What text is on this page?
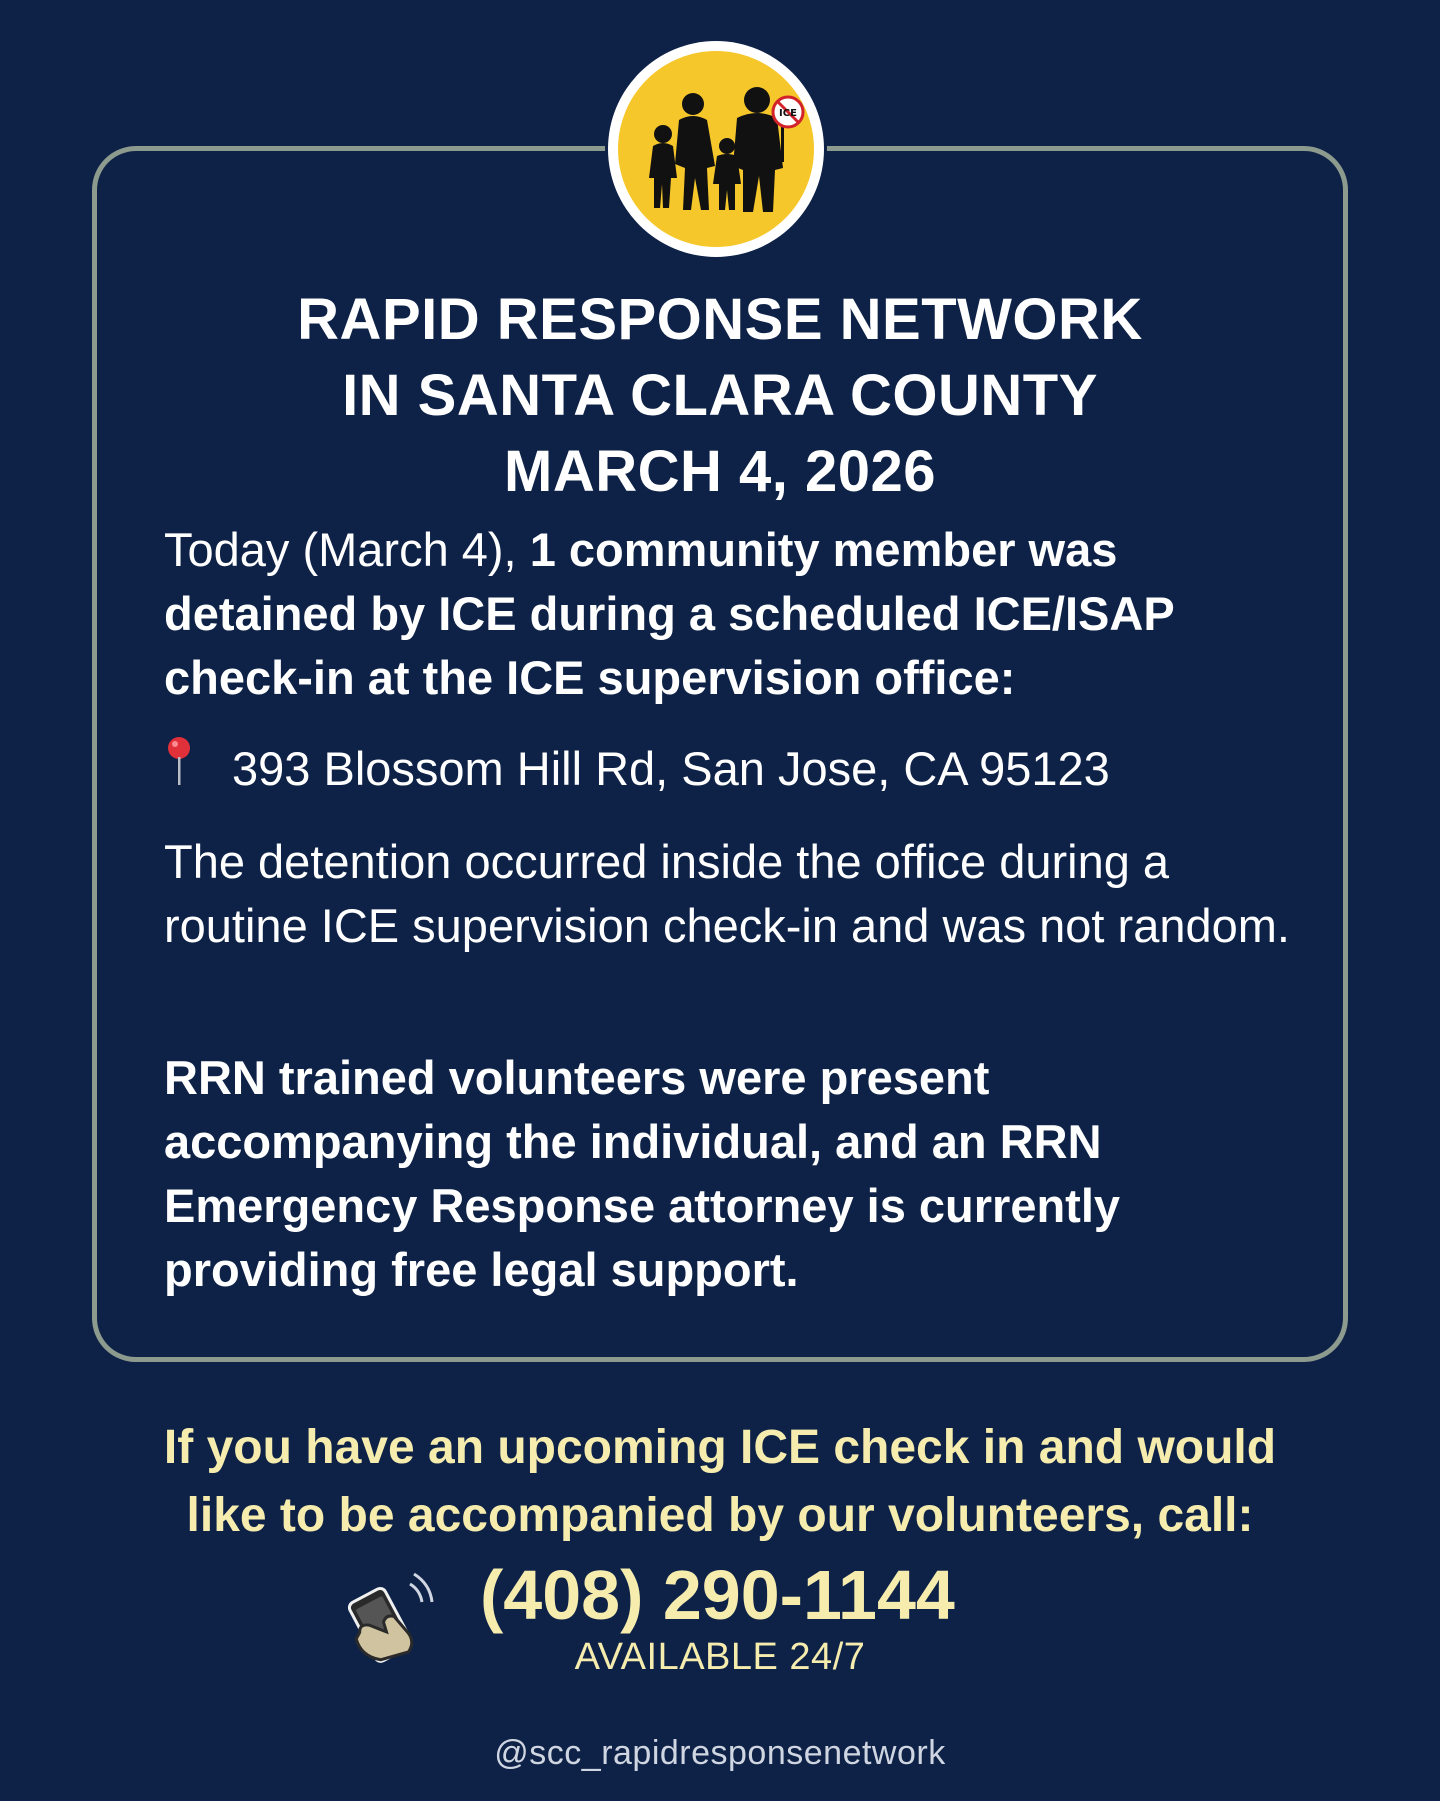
ICE
RAPID RESPONSE NETWORK
IN SANTA CLARA COUNTY
MARCH 4, 2026
Today (March 4), 1 community member was detained by ICE during a scheduled ICE/ISAP check-in at the ICE supervision office:
393 Blossom Hill Rd, San Jose, CA 95123
The detention occurred inside the office during a routine ICE supervision check-in and was not random.
RRN trained volunteers were present accompanying the individual, and an RRN Emergency Response attorney is currently providing free legal support.
If you have an upcoming ICE check in and would
like to be accompanied by our volunteers, call:
(408) 290-1144
AVAILABLE 24/7
@scc_rapidresponsenetwork
